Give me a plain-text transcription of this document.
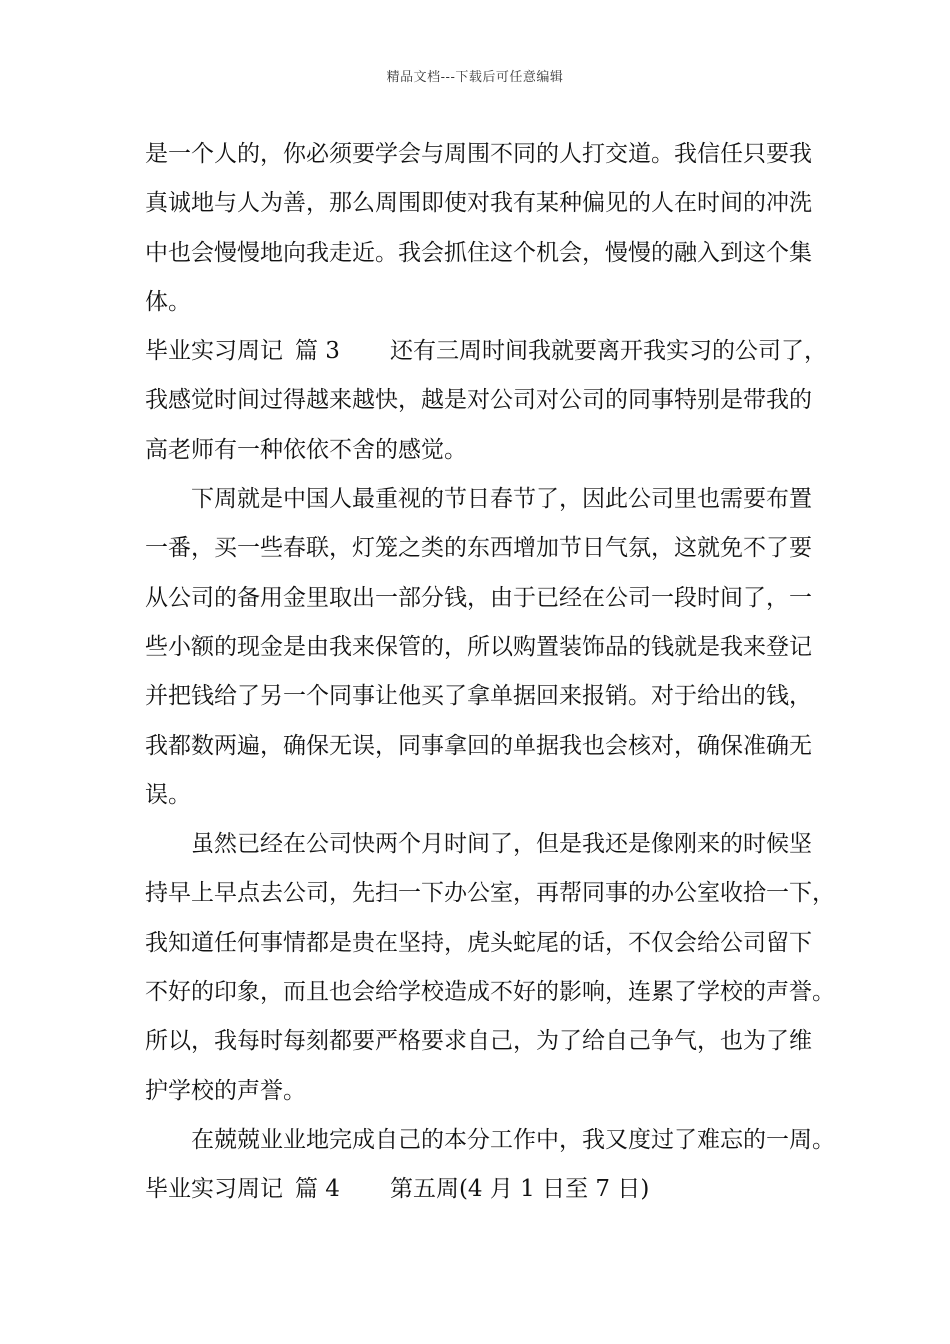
精品文档---下载后可任意编辑
是一个人的，你必须要学会与周围不同的人打交道。我信任只要我
真诚地与人为善，那么周围即使对我有某种偏见的人在时间的冲洗
中也会慢慢地向我走近。我会抓住这个机会，慢慢的融入到这个集
体。
毕业实习周记 篇 3 还有三周时间我就要离开我实习的公司了，
我感觉时间过得越来越快，越是对公司对公司的同事特别是带我的
高老师有一种依依不舍的感觉。
下周就是中国人最重视的节日春节了，因此公司里也需要布置
一番，买一些春联，灯笼之类的东西增加节日气氛，这就免不了要
从公司的备用金里取出一部分钱，由于已经在公司一段时间了，一
些小额的现金是由我来保管的，所以购置装饰品的钱就是我来登记
并把钱给了另一个同事让他买了拿单据回来报销。对于给出的钱，
我都数两遍，确保无误，同事拿回的单据我也会核对，确保准确无
误。
虽然已经在公司快两个月时间了，但是我还是像刚来的时候坚
持早上早点去公司，先扫一下办公室，再帮同事的办公室收拾一下，
我知道任何事情都是贵在坚持，虎头蛇尾的话，不仅会给公司留下
不好的印象，而且也会给学校造成不好的影响，连累了学校的声誉。
所以，我每时每刻都要严格要求自己，为了给自己争气，也为了维
护学校的声誉。
在兢兢业业地完成自己的本分工作中，我又度过了难忘的一周。
毕业实习周记 篇 4 第五周(4 月 1 日至 7 日)
